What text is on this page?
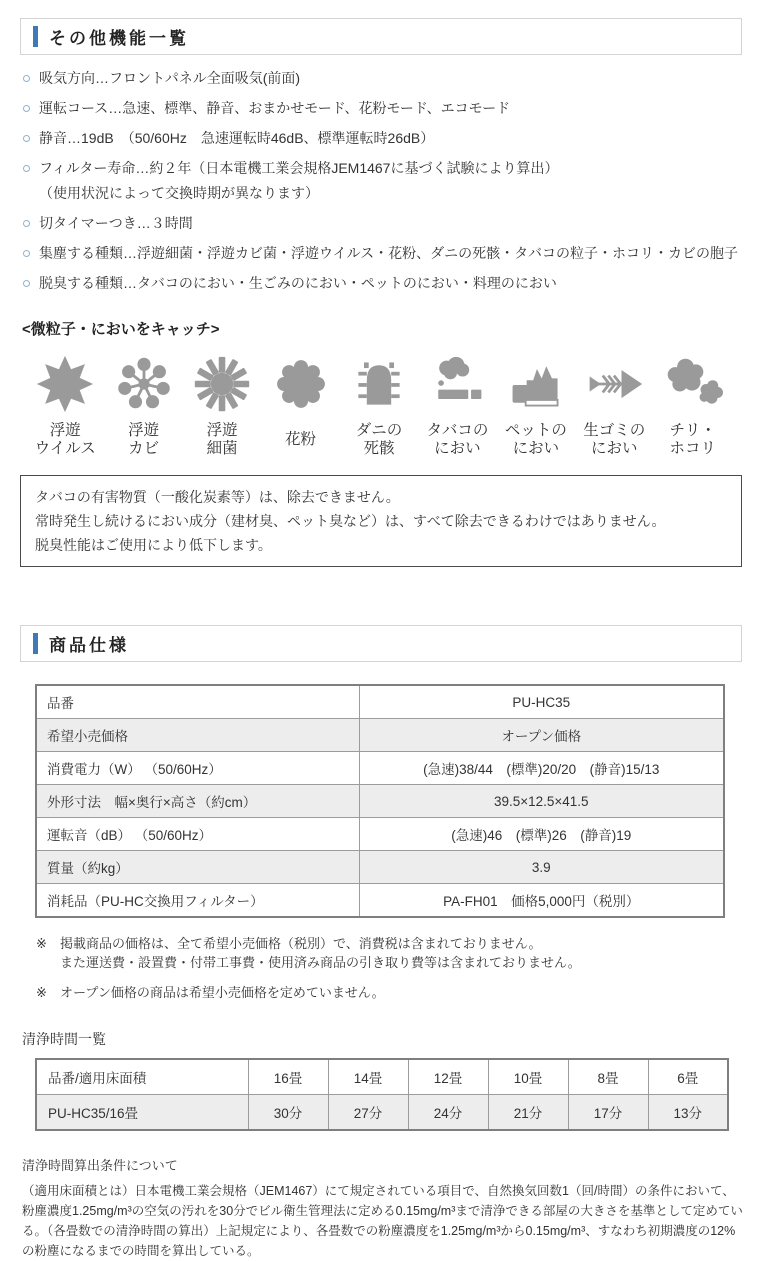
その他機能一覧
吸気方向…フロントパネル全面吸気(前面)
運転コース…急速、標準、静音、おまかせモード、花粉モード、エコモード
静音…19dB　（50/60Hz　急速運転時46dB、標準運転時26dB）
フィルター寿命…約２年（日本電機工業会規格JEM1467に基づく試験により算出）
（使用状況によって交換時期が異なります）
切タイマーつき…３時間
集塵する種類…浮遊細菌・浮遊カビ菌・浮遊ウイルス・花粉、ダニの死骸・タバコの粒子・ホコリ・カビの胞子
脱臭する種類…タバコのにおい・生ごみのにおい・ペットのにおい・料理のにおい
<微粒子・においをキャッチ>
浮遊
ウイルス
浮遊
カビ
浮遊
細菌
花粉
ダニの
死骸
タバコの
におい
ペットの
におい
生ゴミの
におい
チリ・
ホコリ
タバコの有害物質（一酸化炭素等）は、除去できません。
常時発生し続けるにおい成分（建材臭、ペット臭など）は、すべて除去できるわけではありません。
脱臭性能はご使用により低下します。
商品仕様
品番	PU-HC35
希望小売価格	オープン価格
消費電力（W） （50/60Hz）	(急速)38/44　(標準)20/20　(静音)15/13
外形寸法　幅×奥行×高さ（約cm）	39.5×12.5×41.5
運転音（dB） （50/60Hz）	(急速)46　(標準)26　(静音)19
質量（約kg）	3.9
消耗品（PU-HC交換用フィルター）	PA-FH01　価格5,000円（税別）
※	掲載商品の価格は、全て希望小売価格（税別）で、消費税は含まれておりません。
また運送費・設置費・付帯工事費・使用済み商品の引き取り費等は含まれておりません。
※	オープン価格の商品は希望小売価格を定めていません。
清浄時間一覧
品番/適用床面積	16畳	14畳	12畳	10畳	8畳	6畳
PU-HC35/16畳	30分	27分	24分	21分	17分	13分
清浄時間算出条件について

（適用床面積とは）日本電機工業会規格（JEM1467）にて規定されている項目で、自然換気回数1（回/時間）の条件において、粉塵濃度1.25mg/m³の空気の汚れを30分でビル衛生管理法に定める0.15mg/m³まで清浄できる部屋の大きさを基準として定めている。（各畳数での清浄時間の算出）上記規定により、各畳数での粉塵濃度を1.25mg/m³から0.15mg/m³、すなわち初期濃度の12%の粉塵になるまでの時間を算出している。
